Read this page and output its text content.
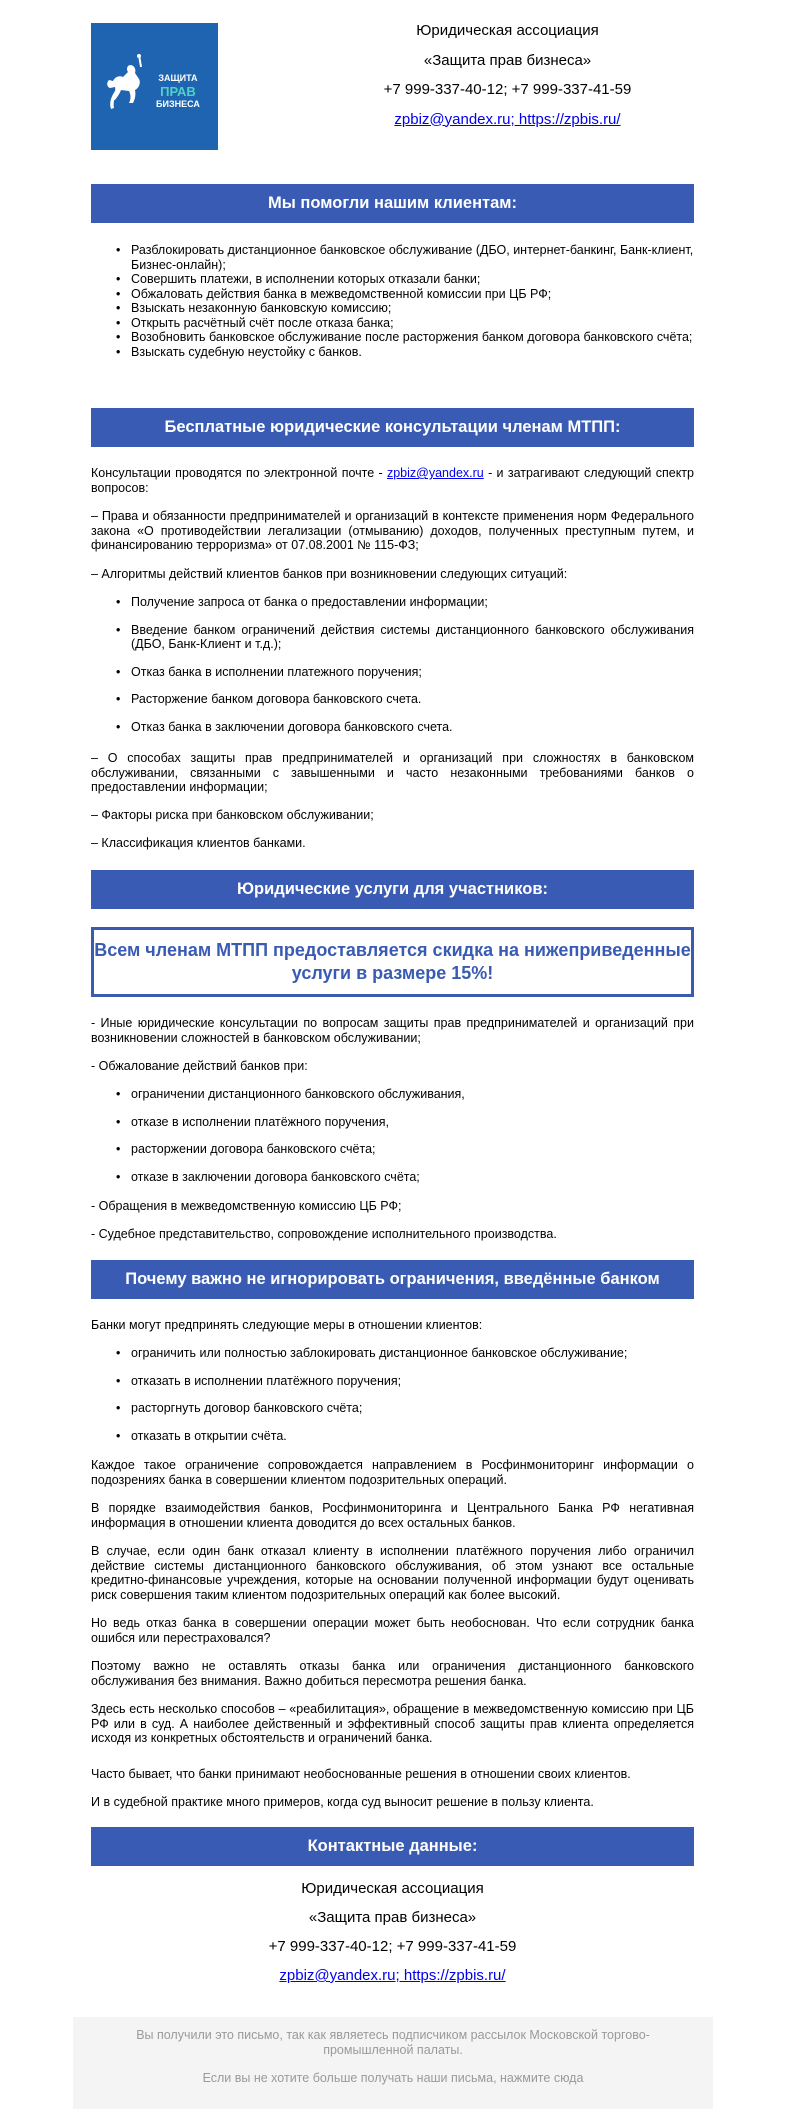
ЗАЩИТА
ПРАВ
БИЗНЕСА
Юридическая ассоциация
«Защита прав бизнеса»
+7 999-337-40-12; +7 999-337-41-59
zpbiz@yandex.ru; https://zpbis.ru/
Мы помогли нашим клиентам:
• Разблокировать дистанционное банковское обслуживание (ДБО, интернет-банкинг, Банк-клиент, Бизнес-онлайн);
• Совершить платежи, в исполнении которых отказали банки;
• Обжаловать действия банка в межведомственной комиссии при ЦБ РФ;
• Взыскать незаконную банковскую комиссию;
• Открыть расчётный счёт после отказа банка;
• Возобновить банковское обслуживание после расторжения банком договора банковского счёта;
• Взыскать судебную неустойку с банков.
Бесплатные юридические консультации членам МТПП:
Консультации проводятся по электронной почте - zpbiz@yandex.ru - и затрагивают следующий спектр вопросов:
– Права и обязанности предпринимателей и организаций в контексте применения норм Федерального закона «О противодействии легализации (отмыванию) доходов, полученных преступным путем, и финансированию терроризма» от 07.08.2001 № 115-ФЗ;
– Алгоритмы действий клиентов банков при возникновении следующих ситуаций:
• Получение запроса от банка о предоставлении информации;
• Введение банком ограничений действия системы дистанционного банковского обслуживания (ДБО, Банк-Клиент и т.д.);
• Отказ банка в исполнении платежного поручения;
• Расторжение банком договора банковского счета.
• Отказ банка в заключении договора банковского счета.
– О способах защиты прав предпринимателей и организаций при сложностях в банковском обслуживании, связанными с завышенными и часто незаконными требованиями банков о предоставлении информации;
– Факторы риска при банковском обслуживании;
– Классификация клиентов банками.
Юридические услуги для участников:
Всем членам МТПП предоставляется скидка на нижеприведенные услуги в размере 15%!
- Иные юридические консультации по вопросам защиты прав предпринимателей и организаций при возникновении сложностей в банковском обслуживании;
- Обжалование действий банков при:
• ограничении дистанционного банковского обслуживания,
• отказе в исполнении платёжного поручения,
• расторжении договора банковского счёта;
• отказе в заключении договора банковского счёта;
- Обращения в межведомственную комиссию ЦБ РФ;
- Судебное представительство, сопровождение исполнительного производства.
Почему важно не игнорировать ограничения, введённые банком
Банки могут предпринять следующие меры в отношении клиентов:
• ограничить или полностью заблокировать дистанционное банковское обслуживание;
• отказать в исполнении платёжного поручения;
• расторгнуть договор банковского счёта;
• отказать в открытии счёта.
Каждое такое ограничение сопровождается направлением в Росфинмониторинг информации о подозрениях банка в совершении клиентом подозрительных операций.
В порядке взаимодействия банков, Росфинмониторинга и Центрального Банка РФ негативная информация в отношении клиента доводится до всех остальных банков.
В случае, если один банк отказал клиенту в исполнении платёжного поручения либо ограничил действие системы дистанционного банковского обслуживания, об этом узнают все остальные кредитно-финансовые учреждения, которые на основании полученной информации будут оценивать риск совершения таким клиентом подозрительных операций как более высокий.
Но ведь отказ банка в совершении операции может быть необоснован. Что если сотрудник банка ошибся или перестраховался?
Поэтому важно не оставлять отказы банка или ограничения дистанционного банковского обслуживания без внимания. Важно добиться пересмотра решения банка.
Здесь есть несколько способов – «реабилитация», обращение в межведомственную комиссию при ЦБ РФ или в суд. А наиболее действенный и эффективный способ защиты прав клиента определяется исходя из конкретных обстоятельств и ограничений банка.
Часто бывает, что банки принимают необоснованные решения в отношении своих клиентов.
И в судебной практике много примеров, когда суд выносит решение в пользу клиента.
Контактные данные:
Юридическая ассоциация
«Защита прав бизнеса»
+7 999-337-40-12; +7 999-337-41-59
zpbiz@yandex.ru; https://zpbis.ru/
Вы получили это письмо, так как являетесь подписчиком рассылок Московской торгово-промышленной палаты.
Если вы не хотите больше получать наши письма, нажмите сюда
